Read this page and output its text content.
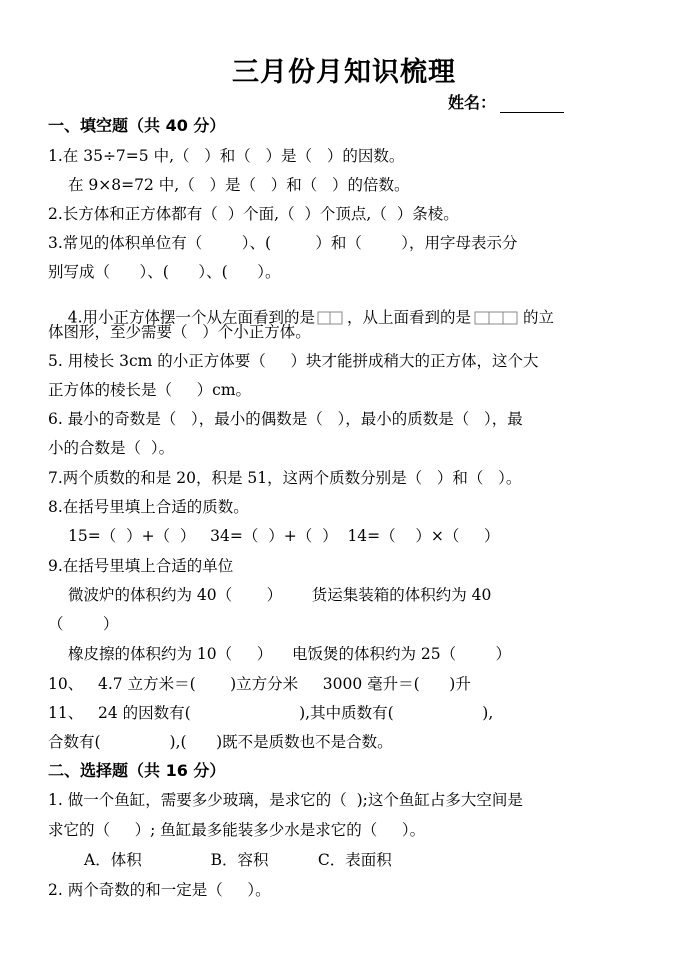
三月份月知识梳理
姓名：
一、填空题（共 40 分）
1.在 35÷7=5 中,（   ）和（   ）是（   ）的因数。
在 9×8=72 中,（   ）是（   ）和（   ）的倍数。
2.长方体和正方体都有（  ）个面,（  ）个顶点,（  ）条棱。
3.常见的体积单位有（        ）、(         ）和（        ），用字母表示分
别写成（      ）、(      ）、(      ）。

4.用小正方体摆一个从左面看到的是 ，从上面看到的是	的立

体图形，至少需要（   ）个小正方体。
5. 用棱长 3cm 的小正方体要（     ）块才能拼成稍大的正方体，这个大
正方体的棱长是（     ）cm。
6. 最小的奇数是（   ），最小的偶数是（   ），最小的质数是（   ），最
小的合数是（  ）。
7.两个质数的和是 20，积是 51，这两个质数分别是（   ）和（   ）。
8.在括号里填上合适的质数。
15=（  ）+（  ）   34=（  ）+（  ）  14=（    ）×（     ）
9.在括号里填上合适的单位
微波炉的体积约为 40（       ）      货运集装箱的体积约为 40
（        ）
橡皮擦的体积约为 10（     ）    电饭煲的体积约为 25（        ）
10、   4.7 立方米＝(       )立方分米     3000 毫升＝(      )升
11、   24 的因数有(                      ),其中质数有(                  ),
合数有(              ),(      )既不是质数也不是合数。
二、选择题（共 16 分）
1. 做一个鱼缸，需要多少玻璃，是求它的（  );这个鱼缸占多大空间是
求它的（     ）; 鱼缸最多能装多少水是求它的（     ）。
A．体积              B．容积          C．表面积
2. 两个奇数的和一定是（     ）。
